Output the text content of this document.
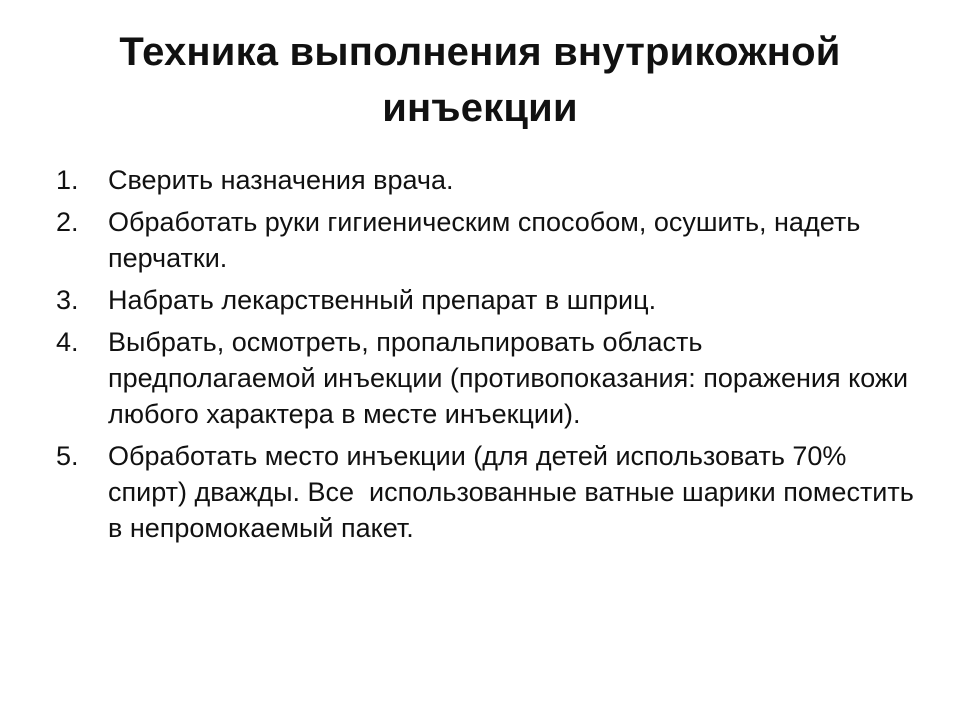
Техника выполнения внутрикожной инъекции
1.	Сверить назначения врача.
2.	Обработать руки гигиеническим способом, осушить, надеть перчатки.
3.	Набрать лекарственный препарат в шприц.
4.	Выбрать, осмотреть, пропальпировать область предполагаемой инъекции (противопоказания: поражения кожи любого характера в месте инъекции).
5.	Обработать место инъекции (для детей использовать 70% спирт) дважды. Все  использованные ватные шарики поместить в непромокаемый пакет.
